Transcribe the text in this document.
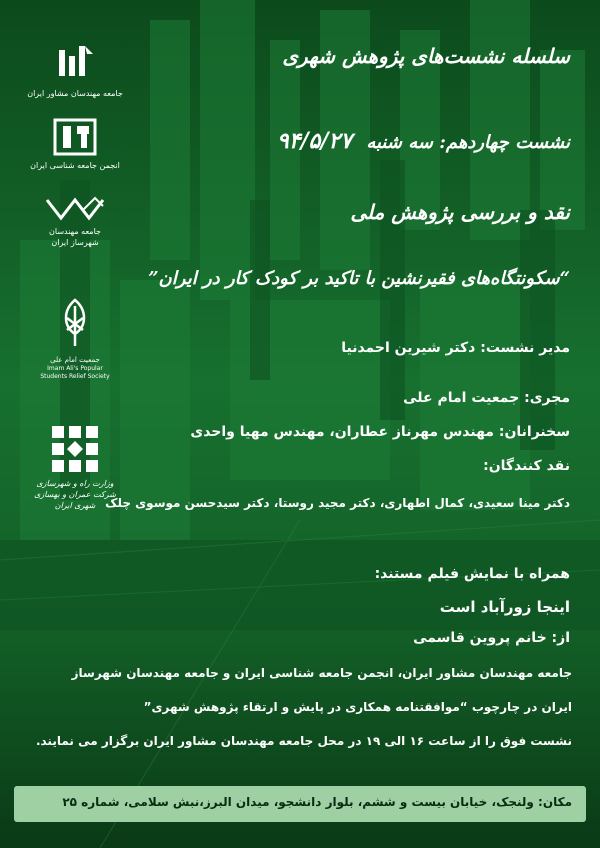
جامعه مهندسان مشاور ایران
انجمن جامعه شناسی ایران
جامعه مهندسان شهرساز ایران
جمعیت امام علی
Imam Ali's Popular Students Relief Society
وزارت راه و شهرسازی شرکت عمران و بهسازی شهری ایران
سلسله نشست‌های پژوهش شهری
نشست چهاردهم: سه شنبه ۹۴/۵/۲۷
نقد و بررسی پژوهش ملی
“سکونتگاه‌های فقیرنشین با تاکید بر کودک کار در ایران”
مدیر نشست: دکتر شیرین احمدنیا
مجری: جمعیت امام علی
سخنرانان: مهندس مهرناز عطاران، مهندس مهیا واحدی
نقد کنندگان:
دکتر مینا سعیدی، کمال اطهاری، دکتر مجید روستا، دکتر سیدحسن موسوی چلک
همراه با نمایش فیلم مستند:
اینجا زورآباد است
از: خانم پروین قاسمی
جامعه مهندسان مشاور ایران، انجمن جامعه شناسی ایران و جامعه مهندسان شهرساز
ایران در چارچوب “موافقتنامه همکاری در پایش و ارتقاء پژوهش شهری”
نشست فوق را از ساعت ۱۶ الی ۱۹ در محل جامعه مهندسان مشاور ایران برگزار می نمایند.
مکان: ولنجک، خیابان بیست و ششم، بلوار دانشجو، میدان البرز،نبش سلامی، شماره ۲۵
